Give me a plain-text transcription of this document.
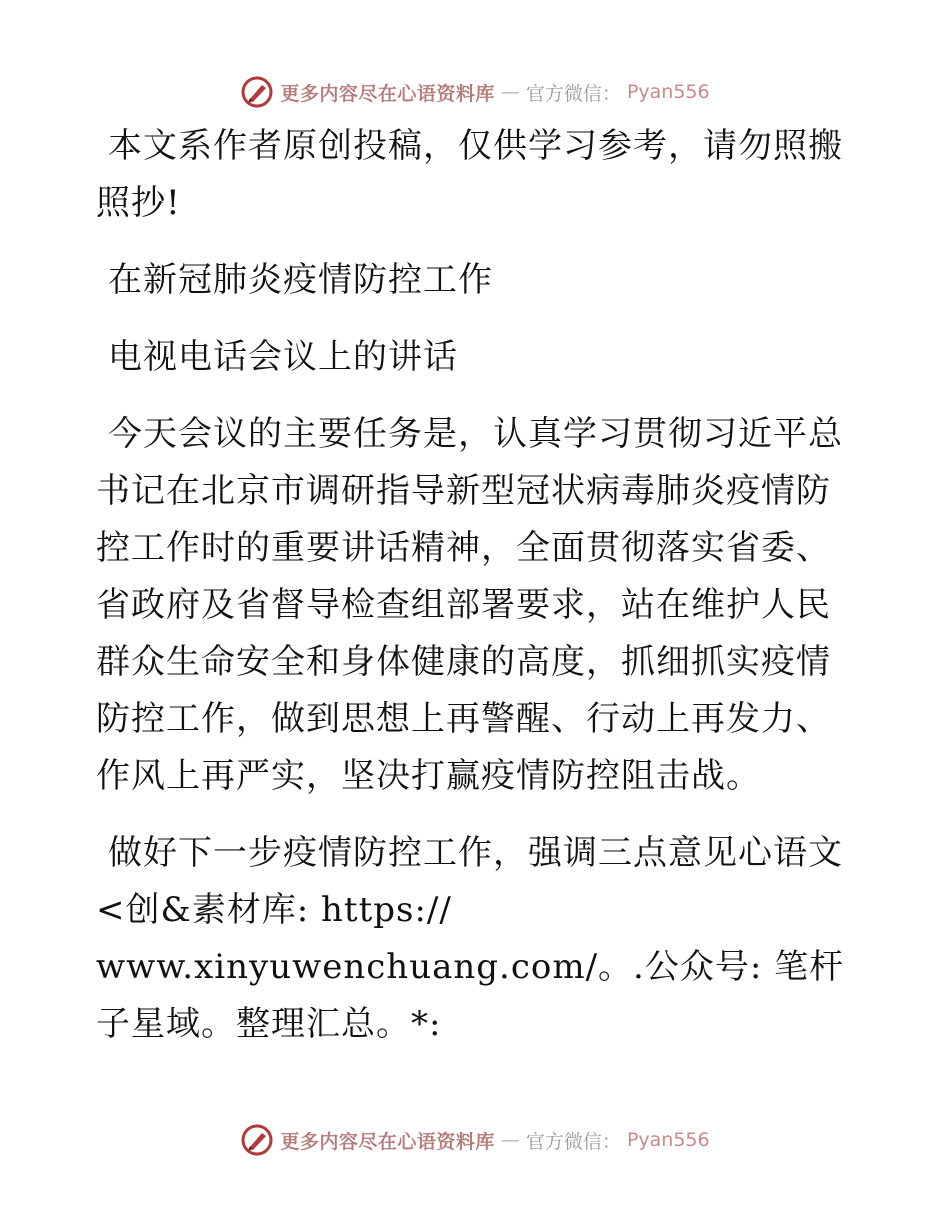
更多内容尽在心语资料库 — 官方微信： Pyan556

本文系作者原创投稿，仅供学习参考，请勿照搬照抄!

在新冠肺炎疫情防控工作

电视电话会议上的讲话

今天会议的主要任务是，认真学习贯彻习近平总书记在北京市调研指导新型冠状病毒肺炎疫情防控工作时的重要讲话精神，全面贯彻落实省委、省政府及省督导检查组部署要求，站在维护人民群众生命安全和身体健康的高度，抓细抓实疫情防控工作，做到思想上再警醒、行动上再发力、作风上再严实，坚决打赢疫情防控阻击战。

做好下一步疫情防控工作，强调三点意见心语文<创&素材库: https://

www.xinyuwenchuang.com/。.公众号: 笔杆子星域。整理汇总。*:

更多内容尽在心语资料库 — 官方微信： Pyan556
